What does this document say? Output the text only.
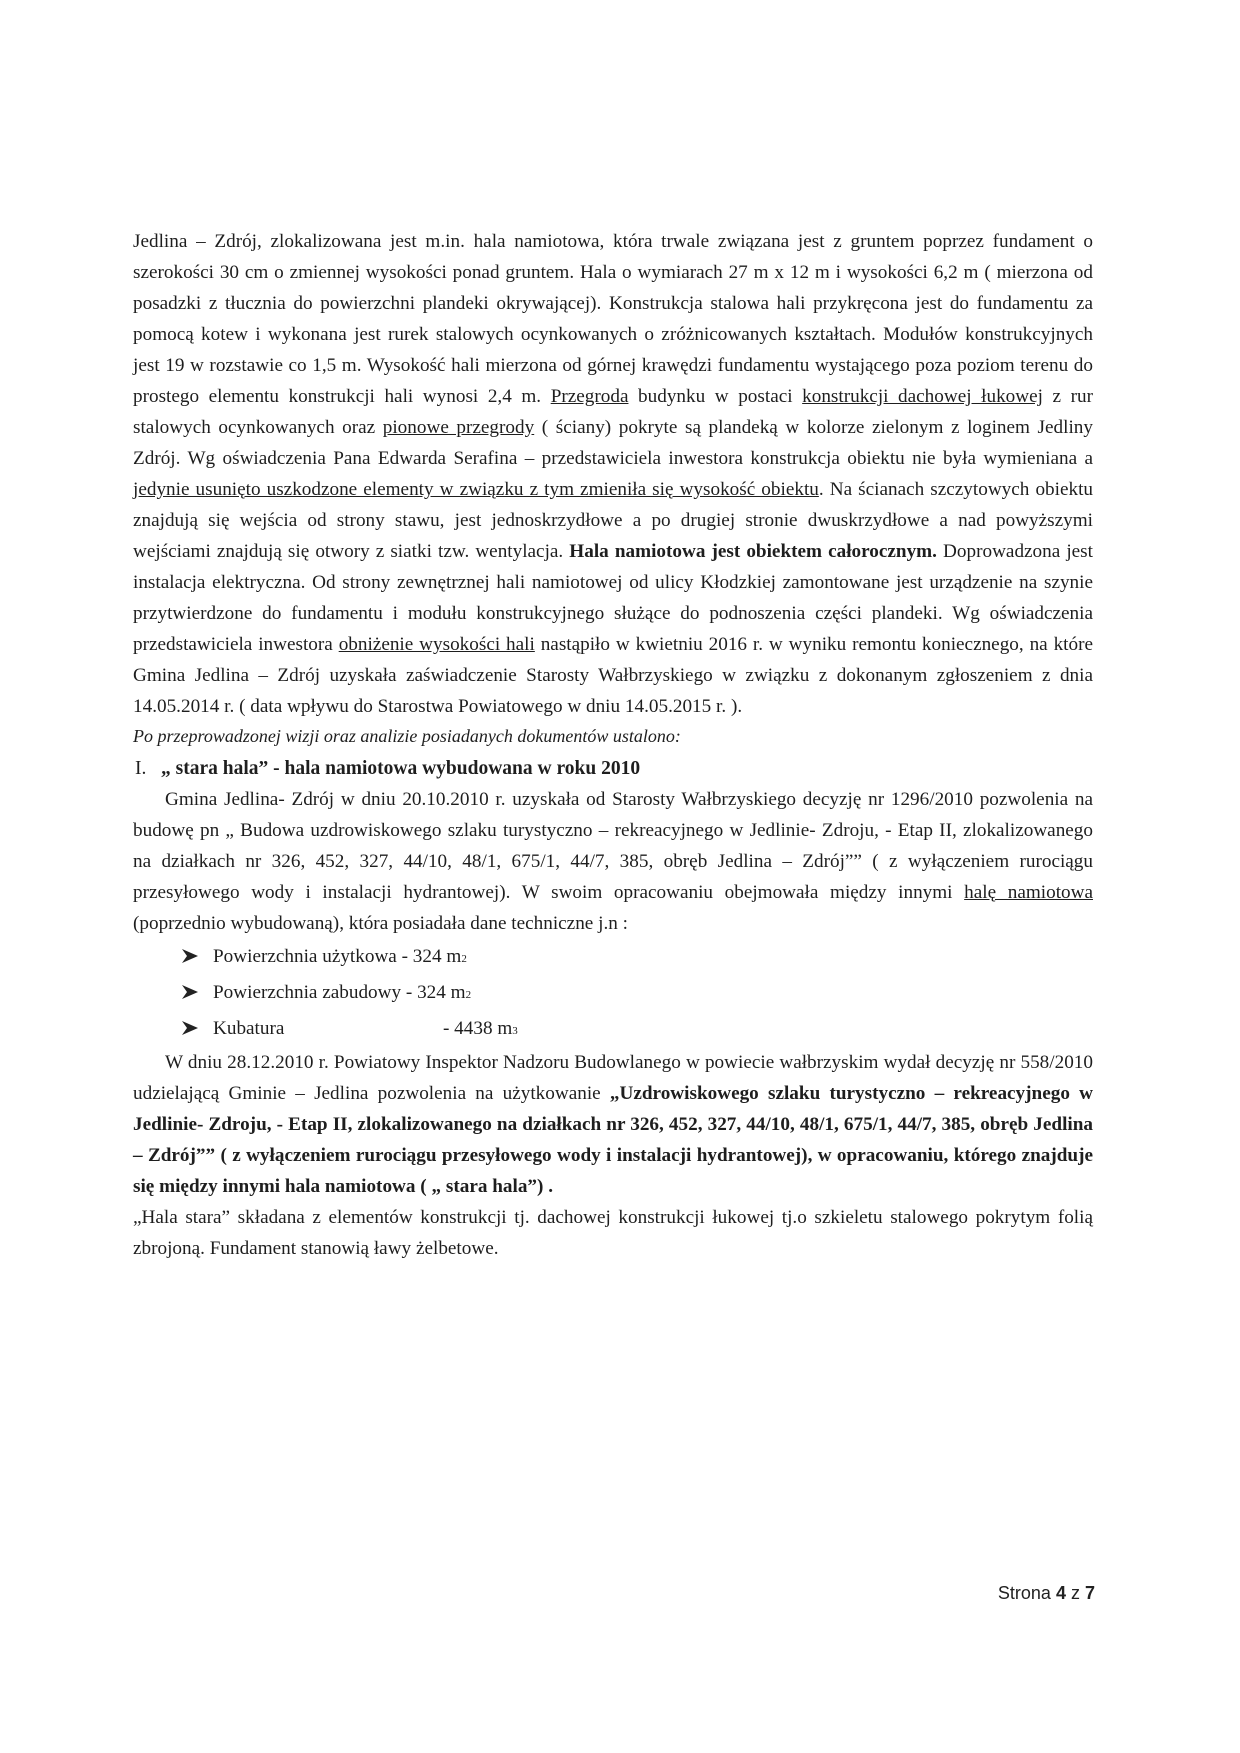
Jedlina – Zdrój, zlokalizowana jest m.in. hala namiotowa, która trwale związana jest z gruntem poprzez fundament o szerokości 30 cm o zmiennej wysokości ponad gruntem. Hala o wymiarach 27 m x 12 m i wysokości 6,2 m ( mierzona od posadzki z tłucznia do powierzchni plandeki okrywającej). Konstrukcja stalowa hali przykręcona jest do fundamentu za pomocą kotew i wykonana jest rurek stalowych ocynkowanych o zróżnicowanych kształtach. Modułów konstrukcyjnych jest 19 w rozstawie co 1,5 m. Wysokość hali mierzona od górnej krawędzi fundamentu wystającego poza poziom terenu do prostego elementu konstrukcji hali wynosi 2,4 m. Przegroda budynku w postaci konstrukcji dachowej łukowej z rur stalowych ocynkowanych oraz pionowe przegrody ( ściany) pokryte są plandeką w kolorze zielonym z loginem Jedliny Zdrój. Wg oświadczenia Pana Edwarda Serafina – przedstawiciela inwestora konstrukcja obiektu nie była wymieniana a jedynie usunięto uszkodzone elementy w związku z tym zmieniła się wysokość obiektu. Na ścianach szczytowych obiektu znajdują się wejścia od strony stawu, jest jednoskrzydłowe a po drugiej stronie dwuskrzydłowe a nad powyższymi wejściami znajdują się otwory z siatki tzw. wentylacja. Hala namiotowa jest obiektem całorocznym. Doprowadzona jest instalacja elektryczna. Od strony zewnętrznej hali namiotowej od ulicy Kłodzkiej zamontowane jest urządzenie na szynie przytwierdzone do fundamentu i modułu konstrukcyjnego służące do podnoszenia części plandeki. Wg oświadczenia przedstawiciela inwestora obniżenie wysokości hali nastąpiło w kwietniu 2016 r. w wyniku remontu koniecznego, na które Gmina Jedlina – Zdrój uzyskała zaświadczenie Starosty Wałbrzyskiego w związku z dokonanym zgłoszeniem z dnia 14.05.2014 r. ( data wpływu do Starostwa Powiatowego w dniu 14.05.2015 r. ).

Po przeprowadzonej wizji oraz analizie posiadanych dokumentów ustalono:

I. „ stara hala” - hala namiotowa wybudowana w roku 2010

Gmina Jedlina- Zdrój w dniu 20.10.2010 r. uzyskała od Starosty Wałbrzyskiego decyzję nr 1296/2010 pozwolenia na budowę pn „ Budowa uzdrowiskowego szlaku turystyczno – rekreacyjnego w Jedlinie- Zdroju, - Etap II, zlokalizowanego na działkach nr 326, 452, 327, 44/10, 48/1, 675/1, 44/7, 385, obręb Jedlina – Zdrój”” ( z wyłączeniem rurociągu przesyłowego wody i instalacji hydrantowej). W swoim opracowaniu obejmowała między innymi halę namiotowa (poprzednio wybudowaną), która posiadała dane techniczne j.n :

Powierzchnia użytkowa
- 324 m 2
Powierzchnia zabudowy
- 324 m 2
Kubatura	- 4438 m 3

W dniu 28.12.2010 r. Powiatowy Inspektor Nadzoru Budowlanego w powiecie wałbrzyskim wydał decyzję nr 558/2010 udzielającą Gminie – Jedlina pozwolenia na użytkowanie „Uzdrowiskowego szlaku turystyczno – rekreacyjnego w Jedlinie- Zdroju, - Etap II, zlokalizowanego na działkach nr 326, 452, 327, 44/10, 48/1, 675/1, 44/7, 385, obręb Jedlina – Zdrój”” ( z wyłączeniem rurociągu przesyłowego wody i instalacji hydrantowej), w opracowaniu, którego znajduje się między innymi hala namiotowa ( „ stara hala”) .

„Hala stara” składana z elementów konstrukcji tj. dachowej konstrukcji łukowej tj.o szkieletu stalowego pokrytym folią zbrojoną. Fundament stanowią ławy żelbetowe.

Strona 4 z 7
